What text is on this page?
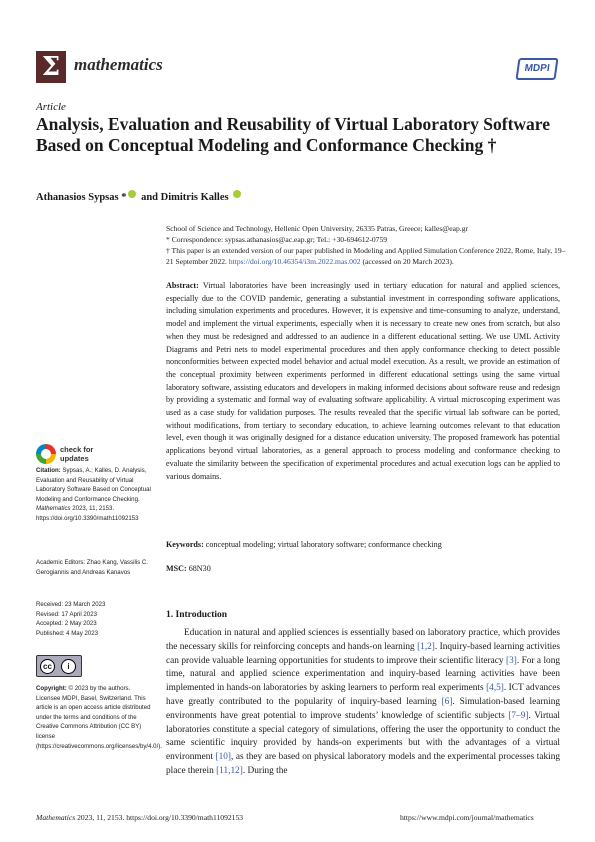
Σ mathematics	MDPI
Article
Analysis, Evaluation and Reusability of Virtual Laboratory Software Based on Conceptual Modeling and Conformance Checking †
Athanasios Sypsas * and Dimitris Kalles
School of Science and Technology, Hellenic Open University, 26335 Patras, Greece; kalles@eap.gr
* Correspondence: sypsas.athanasios@ac.eap.gr; Tel.: +30-694612-0759
† This paper is an extended version of our paper published in Modeling and Applied Simulation Conference 2022, Rome, Italy, 19–21 September 2022. https://doi.org/10.46354/i3m.2022.mas.002 (accessed on 20 March 2023).
Abstract: Virtual laboratories have been increasingly used in tertiary education for natural and applied sciences, especially due to the COVID pandemic, generating a substantial investment in corresponding software applications, including simulation experiments and procedures. However, it is expensive and time-consuming to analyze, understand, model and implement the virtual experiments, especially when it is necessary to create new ones from scratch, but also when they must be redesigned and addressed to an audience in a different educational setting. We use UML Activity Diagrams and Petri nets to model experimental procedures and then apply conformance checking to detect possible nonconformities between expected model behavior and actual model execution. As a result, we provide an estimation of the conceptual proximity between experiments performed in different educational settings using the same virtual laboratory software, assisting educators and developers in making informed decisions about software reuse and redesign by providing a systematic and formal way of evaluating software applicability. A virtual microscoping experiment was used as a case study for validation purposes. The results revealed that the specific virtual lab software can be ported, without modifications, from tertiary to secondary education, to achieve learning outcomes relevant to that education level, even though it was originally designed for a distance education university. The proposed framework has potential applications beyond virtual laboratories, as a general approach to process modeling and conformance checking to evaluate the similarity between the specification of experimental procedures and actual execution logs can be applied to various domains.
Keywords: conceptual modeling; virtual laboratory software; conformance checking
MSC: 68N30
1. Introduction
Education in natural and applied sciences is essentially based on laboratory practice, which provides the necessary skills for reinforcing concepts and hands-on learning [1,2]. Inquiry-based learning activities can provide valuable learning opportunities for students to improve their scientific literacy [3]. For a long time, natural and applied science experimentation and inquiry-based learning activities have been implemented in hands-on laboratories by asking learners to perform real experiments [4,5]. ICT advances have greatly contributed to the popularity of inquiry-based learning [6]. Simulation-based learning environments have great potential to improve students’ knowledge of scientific subjects [7–9]. Virtual laboratories constitute a special category of simulations, offering the user the opportunity to conduct the same scientific inquiry provided by hands-on experiments but with the advantages of a virtual environment [10], as they are based on physical laboratory models and the experimental processes taking place therein [11,12]. During the
check for updates
Citation: Sypsas, A.; Kalles, D. Analysis, Evaluation and Reusability of Virtual Laboratory Software Based on Conceptual Modeling and Conformance Checking. Mathematics 2023, 11, 2153. https://doi.org/10.3390/math11092153
Academic Editors: Zhao Kang, Vassilis C. Gerogiannis and Andreas Kanavos
Received: 23 March 2023
Revised: 17 April 2023
Accepted: 2 May 2023
Published: 4 May 2023
cc	i
Copyright: © 2023 by the authors. Licensee MDPI, Basel, Switzerland. This article is an open access article distributed under the terms and conditions of the Creative Commons Attribution (CC BY) license (https://creativecommons.org/licenses/by/4.0/).
Mathematics 2023, 11, 2153. https://doi.org/10.3390/math11092153	https://www.mdpi.com/journal/mathematics
